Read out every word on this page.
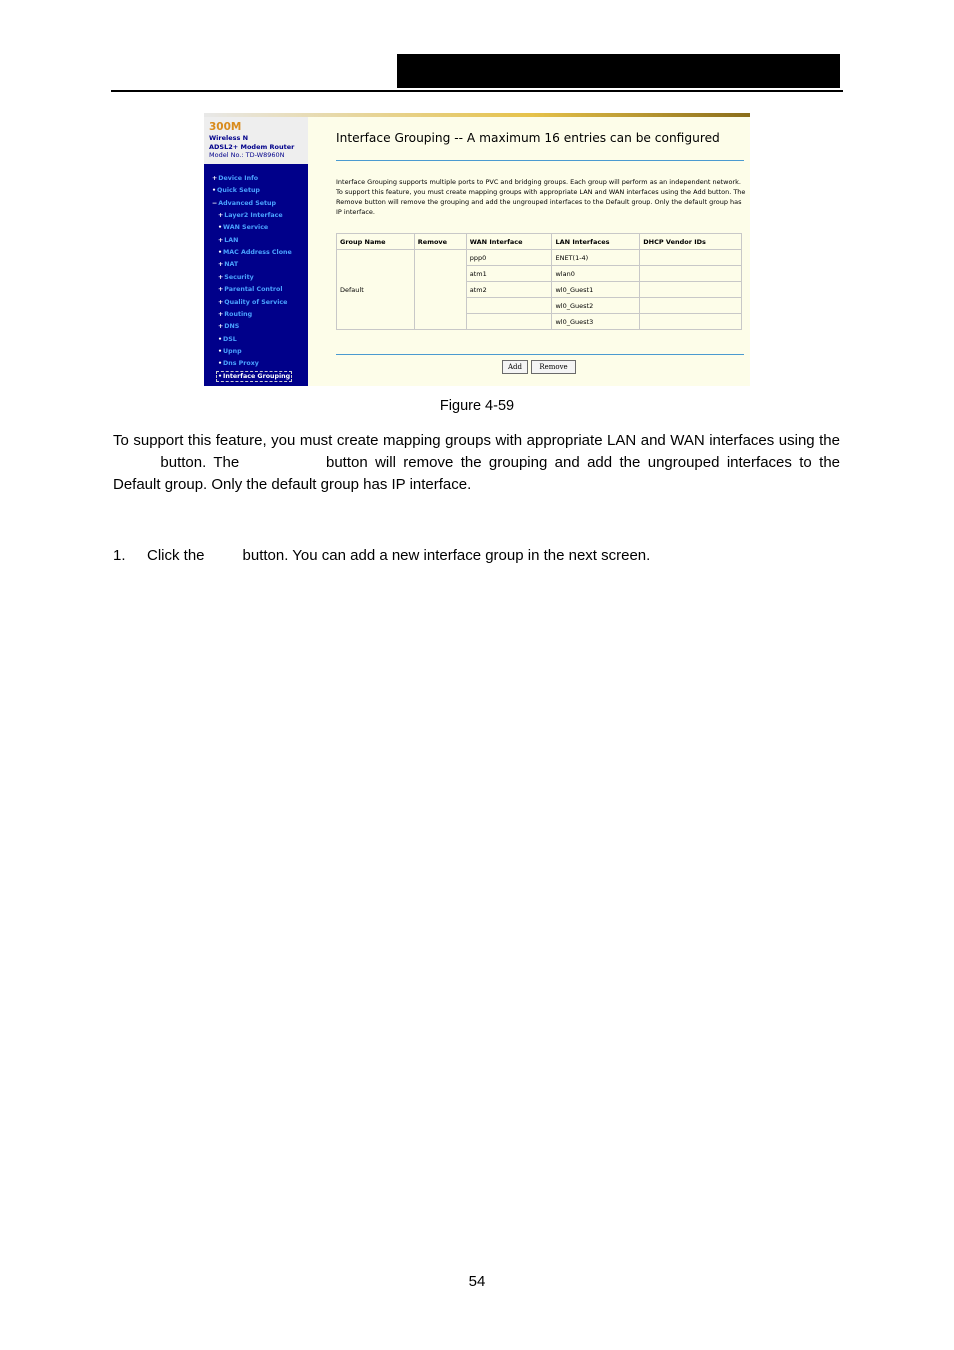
300M
Wireless N
ADSL2+ Modem Router
Model No.: TD-W8960N
+Device Info
•Quick Setup
−Advanced Setup
+Layer2 Interface
•WAN Service
+LAN
•MAC Address Clone
+NAT
+Security
+Parental Control
+Quality of Service
+Routing
+DNS
•DSL
•Upnp
•Dns Proxy
•Interface Grouping
Interface Grouping -- A maximum 16 entries can be configured
Interface Grouping supports multiple ports to PVC and bridging groups. Each group will perform as an independent network. To support this feature, you must create mapping groups with appropriate LAN and WAN interfaces using the Add button. The Remove button will remove the grouping and add the ungrouped interfaces to the Default group. Only the default group has IP interface.
Group Name	Remove	WAN Interface	LAN Interfaces	DHCP Vendor IDs
Default		ppp0	ENET(1-4)	
		atm1	wlan0	
		atm2	wl0_Guest1	
			wl0_Guest2	
			wl0_Guest3	
Add	Remove
Figure 4-59
To support this feature, you must create mapping groups with appropriate LAN and WAN interfaces using the  button. The	button will remove the grouping and add the ungrouped interfaces to the Default group. Only the default group has IP interface.
1. Click the	button. You can add a new interface group in the next screen.
54
